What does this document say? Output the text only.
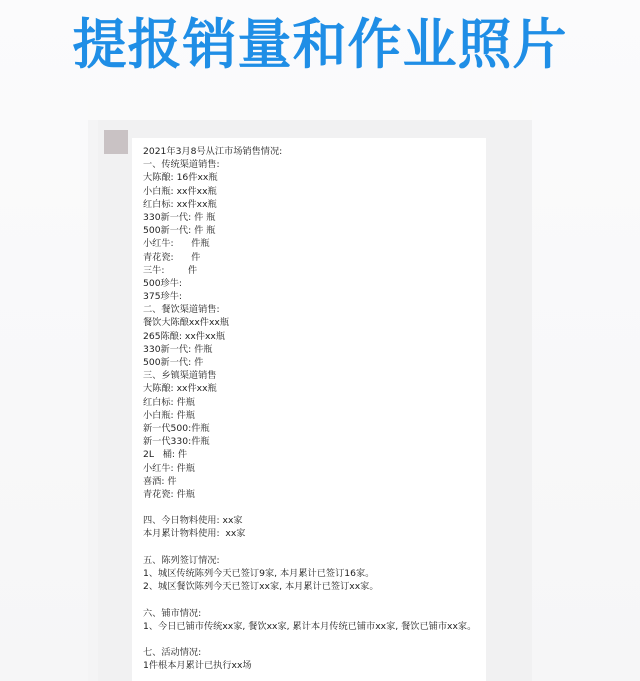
提报销量和作业照片
2021年3月8号从江市场销售情况:
一、传统渠道销售:
大陈酿: 16件xx瓶
小白瓶: xx件xx瓶
红白标: xx件xx瓶
330新一代: 件 瓶
500新一代: 件 瓶
小红牛:      件瓶
青花瓷:      件
三牛:        件
500珍牛:
375珍牛:
二、餐饮渠道销售:
餐饮大陈酿xx件xx瓶
265陈酿: xx件xx瓶
330新一代: 件瓶
500新一代: 件
三、乡镇渠道销售
大陈酿: xx件xx瓶
红白标: 件瓶
小白瓶: 件瓶
新一代500:件瓶
新一代330:件瓶
2L   桶: 件
小红牛: 件瓶
喜酒: 件
青花瓷: 件瓶
四、今日物料使用: xx家
本月累计物料使用:  xx家
五、陈列签订情况:
1、城区传统陈列今天已签订9家, 本月累计已签订16家。
2、城区餐饮陈列今天已签订xx家, 本月累计已签订xx家。
六、铺市情况:
1、今日已铺市传统xx家, 餐饮xx家, 累计本月传统已铺市xx家, 餐饮已铺市xx家。
七、活动情况:
1件根本月累计已执行xx场
